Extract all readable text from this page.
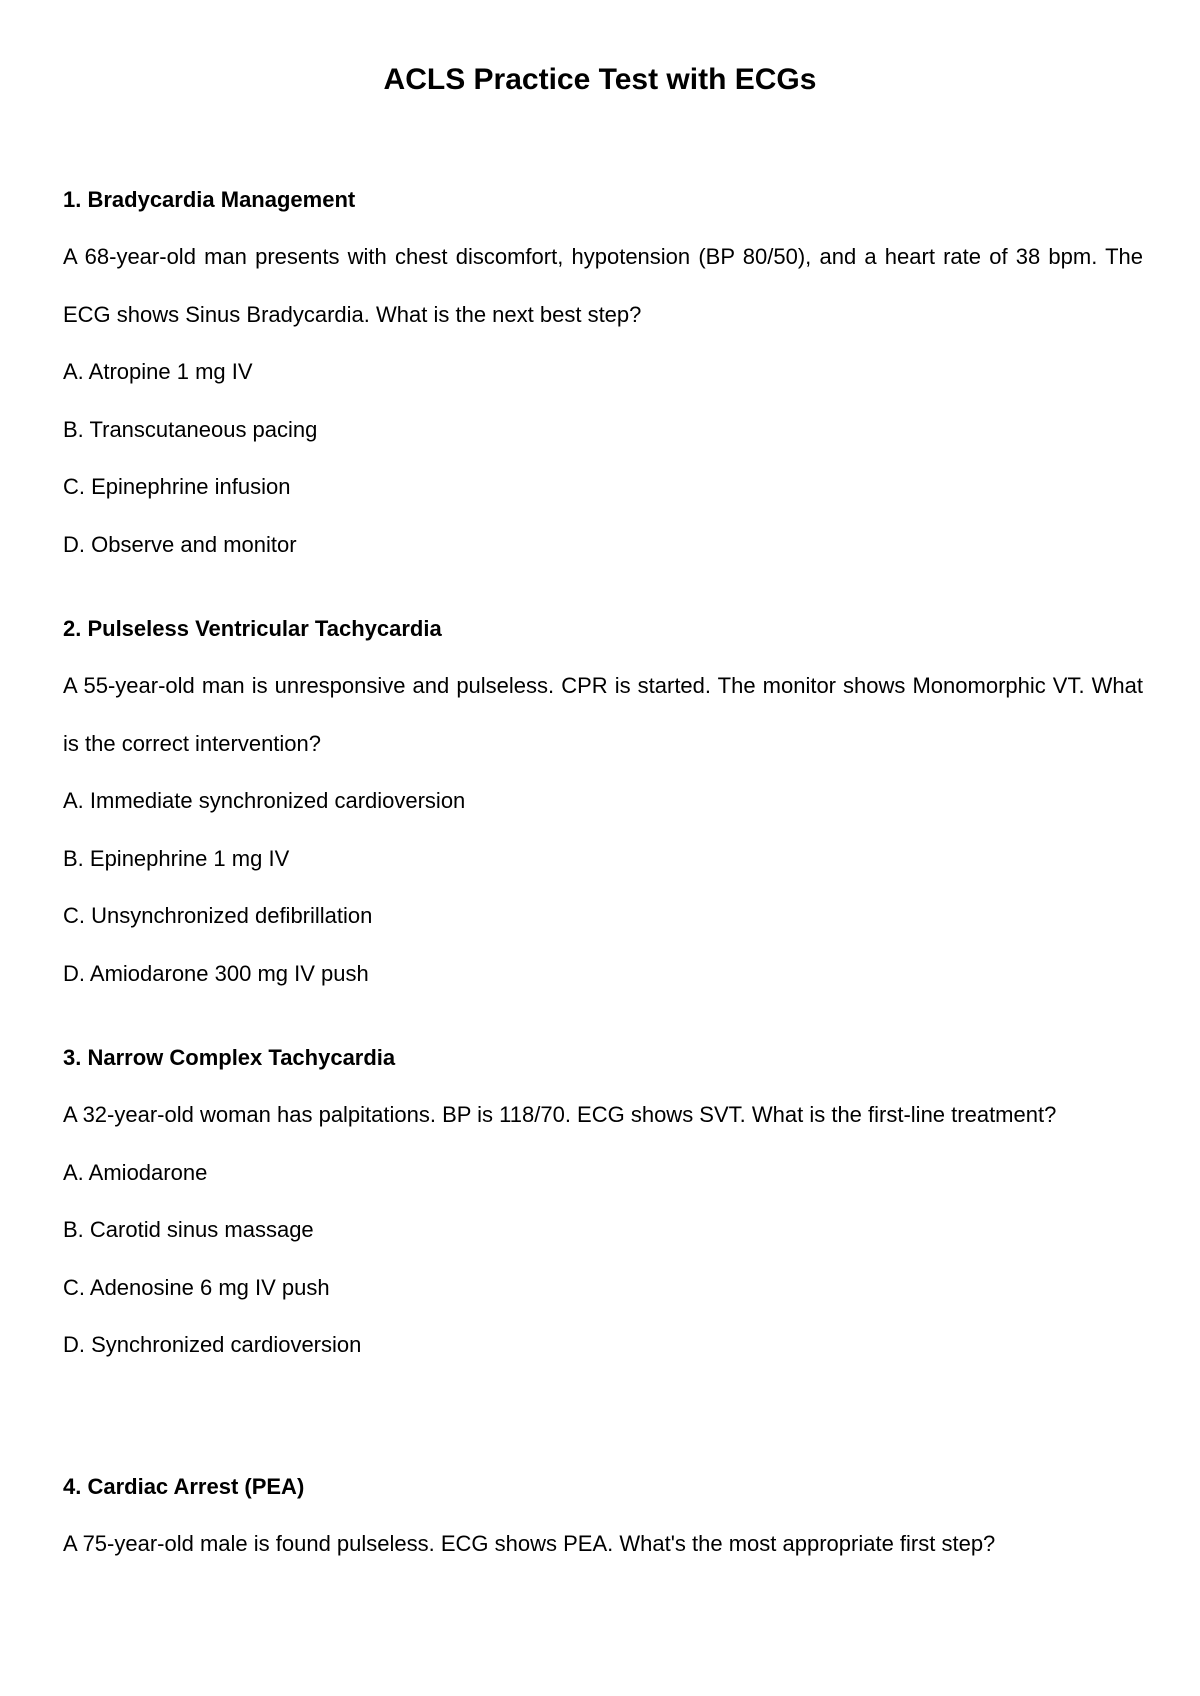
ACLS Practice Test with ECGs

1. Bradycardia Management

A 68-year-old man presents with chest discomfort, hypotension (BP 80/50), and a heart rate of 38 bpm. The ECG shows Sinus Bradycardia. What is the next best step?

A. Atropine 1 mg IV

B. Transcutaneous pacing

C. Epinephrine infusion

D. Observe and monitor

2. Pulseless Ventricular Tachycardia

A 55-year-old man is unresponsive and pulseless. CPR is started. The monitor shows Monomorphic VT. What is the correct intervention?

A. Immediate synchronized cardioversion

B. Epinephrine 1 mg IV

C. Unsynchronized defibrillation

D. Amiodarone 300 mg IV push

3. Narrow Complex Tachycardia

A 32-year-old woman has palpitations. BP is 118/70. ECG shows SVT. What is the first-line treatment?

A. Amiodarone

B. Carotid sinus massage

C. Adenosine 6 mg IV push

D. Synchronized cardioversion

4. Cardiac Arrest (PEA)

A 75-year-old male is found pulseless. ECG shows PEA. What's the most appropriate first step?
